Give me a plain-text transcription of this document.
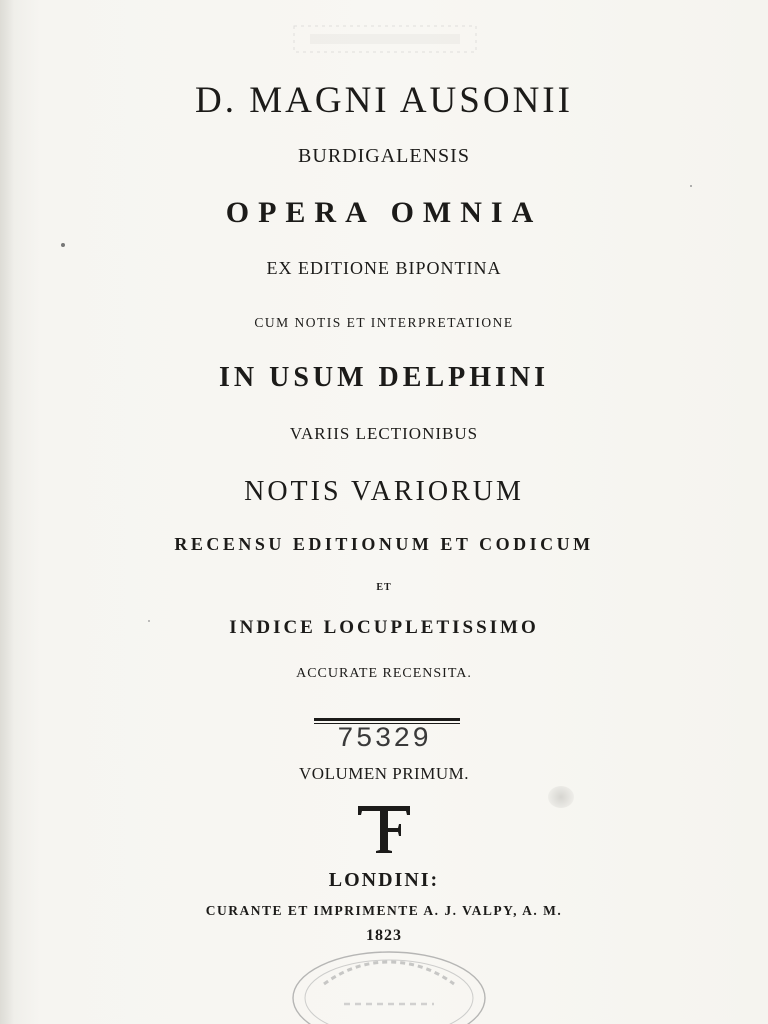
D. MAGNI AUSONII
BURDIGALENSIS
OPERA OMNIA
EX EDITIONE BIPONTINA
CUM NOTIS ET INTERPRETATIONE
IN USUM DELPHINI
VARIIS LECTIONIBUS
NOTIS VARIORUM
RECENSU EDITIONUM ET CODICUM
ET
INDICE LOCUPLETISSIMO
ACCURATE RECENSITA.
75329
VOLUMEN PRIMUM.
LONDINI:
CURANTE ET IMPRIMENTE A. J. VALPY, A. M.
1823
